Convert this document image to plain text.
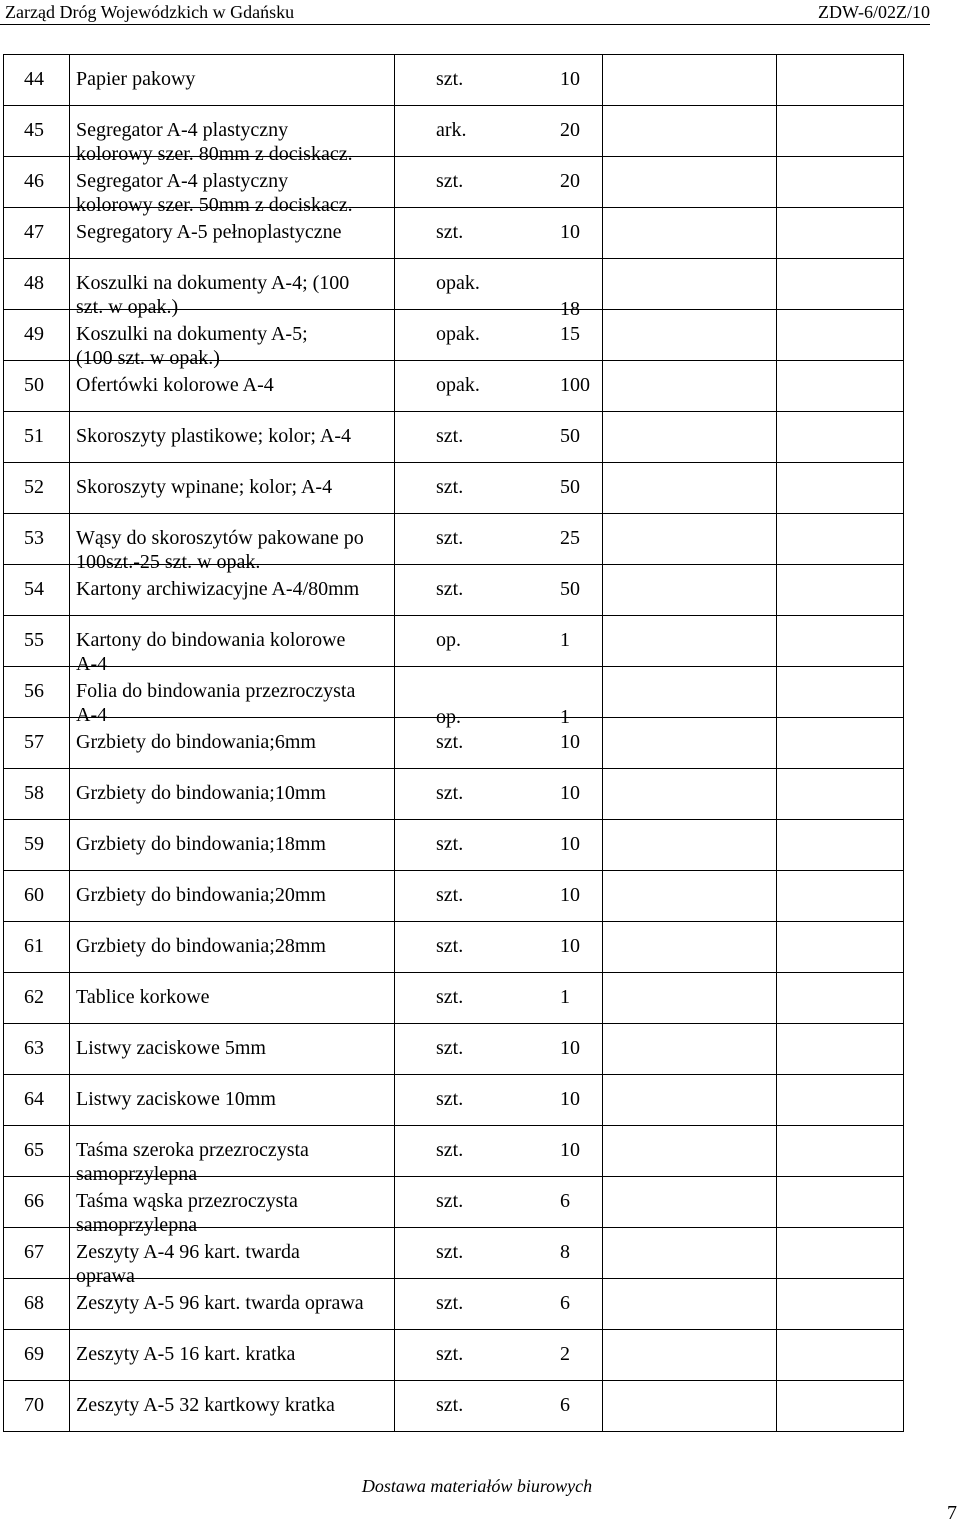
Zarząd Dróg Wojewódzkich w Gdańsku	ZDW-6/02Z/10
44	Papier pakowy	szt. 10		

45	Segregator A-4 plastyczny
kolorowy szer. 80mm z dociskacz.	ark. 20		

46	Segregator A-4 plastyczny
kolorowy szer. 50mm z dociskacz.	szt. 20		

47	Segregatory A-5 pełnoplastyczne	szt. 10		

48	Koszulki na dokumenty A-4; (100
szt. w opak.)	opak.
18		

49	Koszulki na dokumenty A-5;
(100 szt. w opak.)	opak. 15		

50	Ofertówki kolorowe A-4	opak. 100		

51	Skoroszyty plastikowe; kolor; A-4	szt. 50		

52	Skoroszyty wpinane; kolor; A-4	szt. 50		

53	Wąsy do skoroszytów pakowane po
100szt.-25 szt. w opak.	szt. 25		

54	Kartony archiwizacyjne A-4/80mm	szt. 50		

55	Kartony do bindowania kolorowe
A-4	op. 1		

56	Folia do bindowania przezroczysta
A-4	op. 1		

57	Grzbiety do bindowania;6mm	szt. 10		

58	Grzbiety do bindowania;10mm	szt. 10		

59	Grzbiety do bindowania;18mm	szt. 10		

60	Grzbiety do bindowania;20mm	szt. 10		

61	Grzbiety do bindowania;28mm	szt. 10		

62	Tablice korkowe	szt. 1		

63	Listwy zaciskowe 5mm	szt. 10		

64	Listwy zaciskowe 10mm	szt. 10		

65	Taśma szeroka przezroczysta
samoprzylepna	szt. 10		

66	Taśma wąska przezroczysta
samoprzylepna	szt. 6		

67	Zeszyty A-4 96 kart. twarda
oprawa	szt. 8		

68	Zeszyty A-5 96 kart. twarda oprawa	szt. 6		

69	Zeszyty A-5 16 kart. kratka	szt. 2		

70	Zeszyty A-5 32 kartkowy kratka	szt. 6		

Dostawa materiałów biurowych
7
